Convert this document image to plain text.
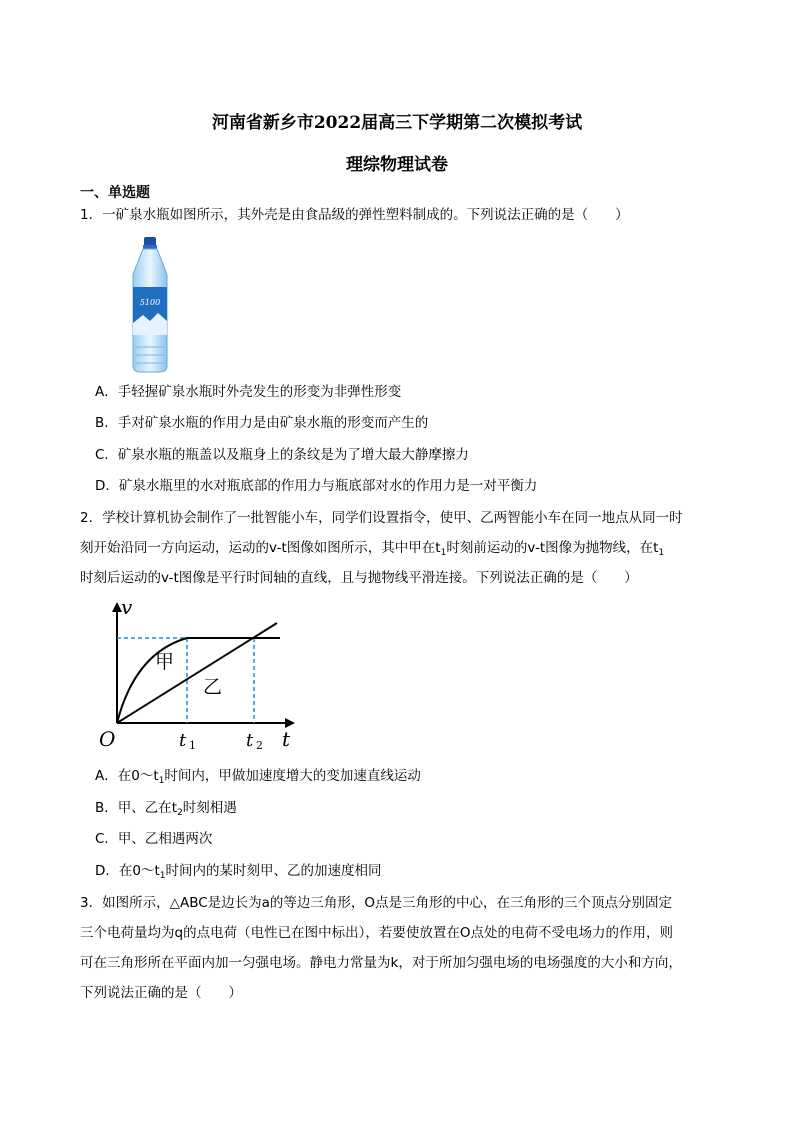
河南省新乡市2022届高三下学期第二次模拟考试
理综物理试卷
一、单选题
1．一矿泉水瓶如图所示，其外壳是由食品级的弹性塑料制成的。下列说法正确的是（　　）
5100
A．手轻握矿泉水瓶时外壳发生的形变为非弹性形变
B．手对矿泉水瓶的作用力是由矿泉水瓶的形变而产生的
C．矿泉水瓶的瓶盖以及瓶身上的条纹是为了增大最大静摩擦力
D．矿泉水瓶里的水对瓶底部的作用力与瓶底部对水的作用力是一对平衡力
2．学校计算机协会制作了一批智能小车，同学们设置指令，使甲、乙两智能小车在同一地点从同一时
刻开始沿同一方向运动，运动的v-t图像如图所示，其中甲在$t_1$时刻前运动的v-t图像为抛物线，在$t_1$
时刻后运动的v-t图像是平行时间轴的直线，且与抛物线平滑连接。下列说法正确的是（　　）
v
t
O	t 1	t 2
甲
乙
A．在$0\sim t_1$时间内，甲做加速度增大的变加速直线运动
B．甲、乙在$t_2$时刻相遇
C．甲、乙相遇两次
D．在$0\sim t_1$时间内的某时刻甲、乙的加速度相同
3．如图所示，△ABC是边长为a的等边三角形，O点是三角形的中心，在三角形的三个顶点分别固定
三个电荷量均为q的点电荷（电性已在图中标出），若要使放置在O点处的电荷不受电场力的作用，则
可在三角形所在平面内加一匀强电场。静电力常量为k，对于所加匀强电场的电场强度的大小和方向，
下列说法正确的是（　　）
